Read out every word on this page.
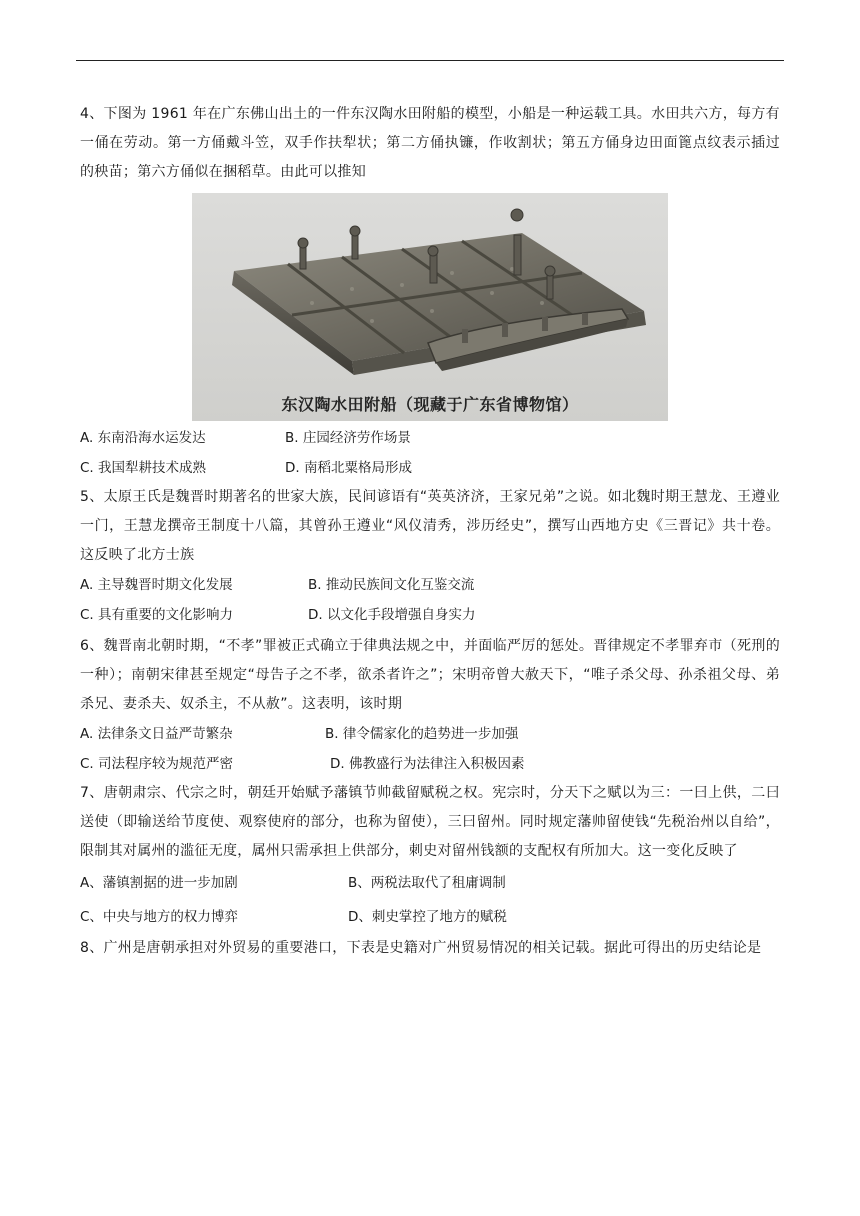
4、下图为 1961 年在广东佛山出土的一件东汉陶水田附船的模型，小船是一种运载工具。水田共六方，每方有一俑在劳动。第一方俑戴斗笠，双手作扶犁状；第二方俑执镰，作收割状；第五方俑身边田面篦点纹表示插过的秧苗；第六方俑似在捆稻草。由此可以推知

东汉陶水田附船（现藏于广东省博物馆）
A. 东南沿海水运发达	B. 庄园经济劳作场景
C. 我国犁耕技术成熟	D. 南稻北粟格局形成

5、太原王氏是魏晋时期著名的世家大族，民间谚语有“英英济济，王家兄弟”之说。如北魏时期王慧龙、王遵业一门，王慧龙撰帝王制度十八篇，其曾孙王遵业“风仪清秀，涉历经史”，撰写山西地方史《三晋记》共十卷。这反映了北方士族

A. 主导魏晋时期文化发展	B. 推动民族间文化互鉴交流
C. 具有重要的文化影响力	D. 以文化手段增强自身实力

6、魏晋南北朝时期，“不孝”罪被正式确立于律典法规之中，并面临严厉的惩处。晋律规定不孝罪弃市（死刑的一种）；南朝宋律甚至规定“母告子之不孝，欲杀者许之”；宋明帝曾大赦天下，“唯子杀父母、孙杀祖父母、弟杀兄、妻杀夫、奴杀主，不从赦”。这表明，该时期

A. 法律条文日益严苛繁杂	B. 律令儒家化的趋势进一步加强
C. 司法程序较为规范严密	D. 佛教盛行为法律注入积极因素

7、唐朝肃宗、代宗之时，朝廷开始赋予藩镇节帅截留赋税之权。宪宗时，分天下之赋以为三：一曰上供，二曰送使（即输送给节度使、观察使府的部分，也称为留使），三曰留州。同时规定藩帅留使钱“先税治州以自给”，限制其对属州的滥征无度，属州只需承担上供部分，刺史对留州钱额的支配权有所加大。这一变化反映了

A、藩镇割据的进一步加剧	B、两税法取代了租庸调制
C、中央与地方的权力博弈	D、刺史掌控了地方的赋税

8、广州是唐朝承担对外贸易的重要港口，下表是史籍对广州贸易情况的相关记载。据此可得出的历史结论是
